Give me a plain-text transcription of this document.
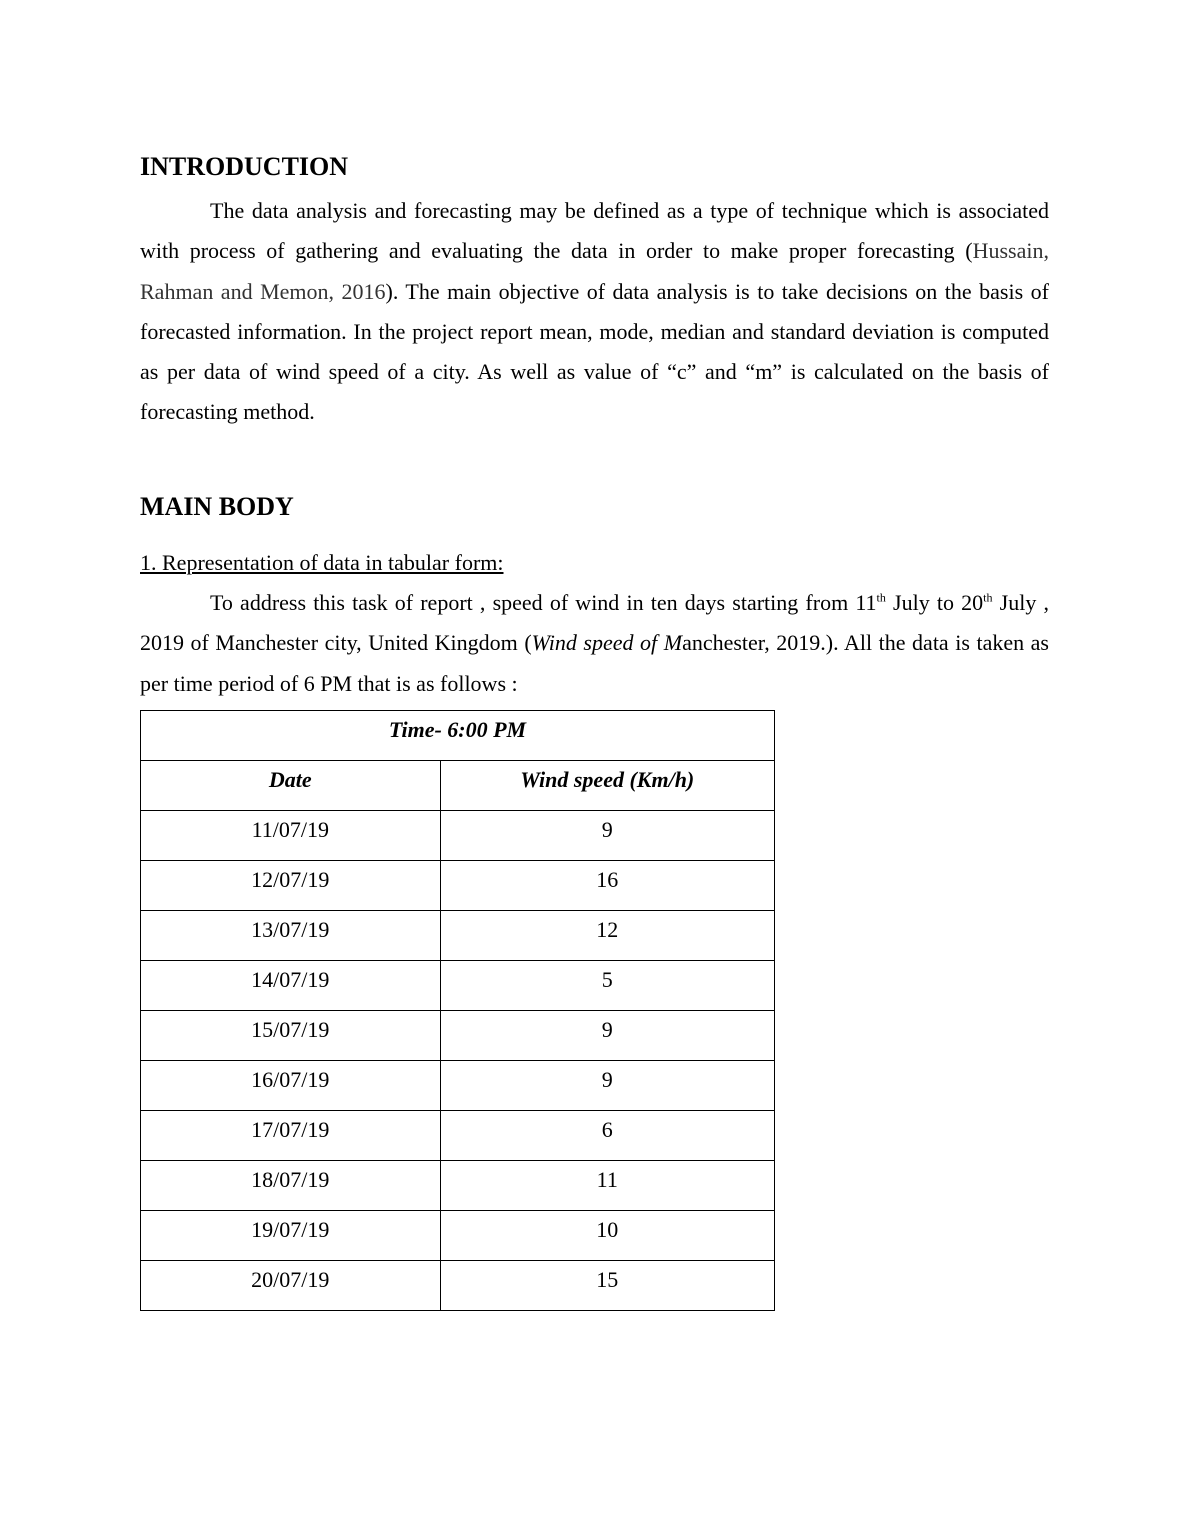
INTRODUCTION

The data analysis and forecasting may be defined as a type of technique which is associated with process of gathering and evaluating the data in order to make proper forecasting (Hussain, Rahman and Memon, 2016). The main objective of data analysis is to take decisions on the basis of forecasted information. In the project report mean, mode, median and standard deviation is computed as per data of wind speed of a city. As well as value of “c” and “m” is calculated on the basis of forecasting method.

MAIN BODY

1. Representation of data in tabular form:

To address this task of report , speed of wind in ten days starting from 11th July to 20th July , 2019 of Manchester city, United Kingdom (Wind speed of Manchester, 2019.). All the data is taken as per time period of 6 PM that is as follows :

Time- 6:00 PM	
Date	Wind speed (Km/h)
11/07/19	9
12/07/19	16
13/07/19	12
14/07/19	5
15/07/19	9
16/07/19	9
17/07/19	6
18/07/19	11
19/07/19	10
20/07/19	15
